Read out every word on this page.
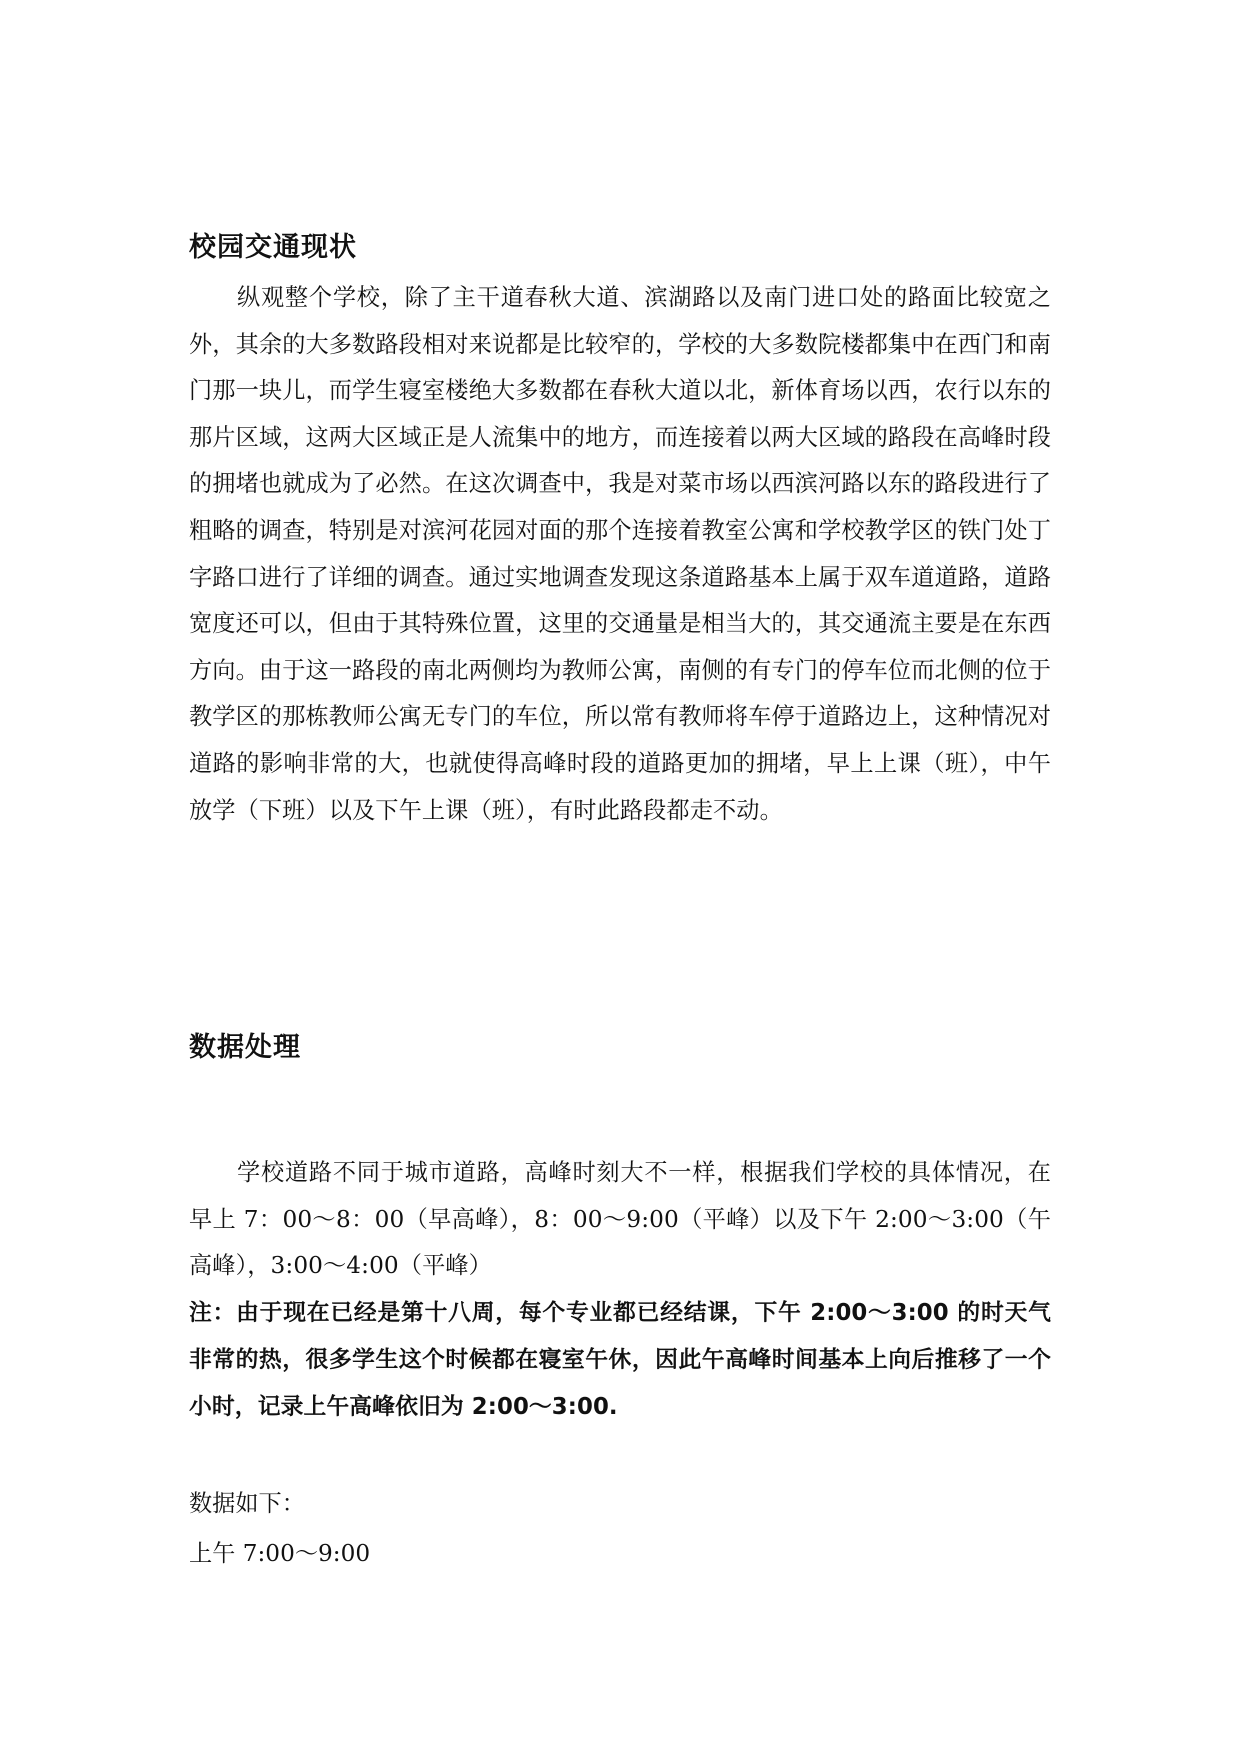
校园交通现状

纵观整个学校，除了主干道春秋大道、滨湖路以及南门进口处的路面比较宽之外，其余的大多数路段相对来说都是比较窄的，学校的大多数院楼都集中在西门和南门那一块儿，而学生寝室楼绝大多数都在春秋大道以北，新体育场以西，农行以东的那片区域，这两大区域正是人流集中的地方，而连接着以两大区域的路段在高峰时段的拥堵也就成为了必然。在这次调查中，我是对菜市场以西滨河路以东的路段进行了粗略的调查，特别是对滨河花园对面的那个连接着教室公寓和学校教学区的铁门处丁字路口进行了详细的调查。通过实地调查发现这条道路基本上属于双车道道路，道路宽度还可以，但由于其特殊位置，这里的交通量是相当大的，其交通流主要是在东西方向。由于这一路段的南北两侧均为教师公寓，南侧的有专门的停车位而北侧的位于教学区的那栋教师公寓无专门的车位，所以常有教师将车停于道路边上，这种情况对道路的影响非常的大，也就使得高峰时段的道路更加的拥堵，早上上课（班），中午放学（下班）以及下午上课（班），有时此路段都走不动。

数据处理

学校道路不同于城市道路，高峰时刻大不一样，根据我们学校的具体情况，在早上 7：00～8：00（早高峰），8：00～9:00（平峰）以及下午 2:00～3:00（午高峰），3:00～4:00（平峰）

注：由于现在已经是第十八周，每个专业都已经结课，下午 2:00～3:00 的时天气非常的热，很多学生这个时候都在寝室午休，因此午高峰时间基本上向后推移了一个小时，记录上午高峰依旧为 2:00～3:00.

数据如下：

上午 7:00～9:00
